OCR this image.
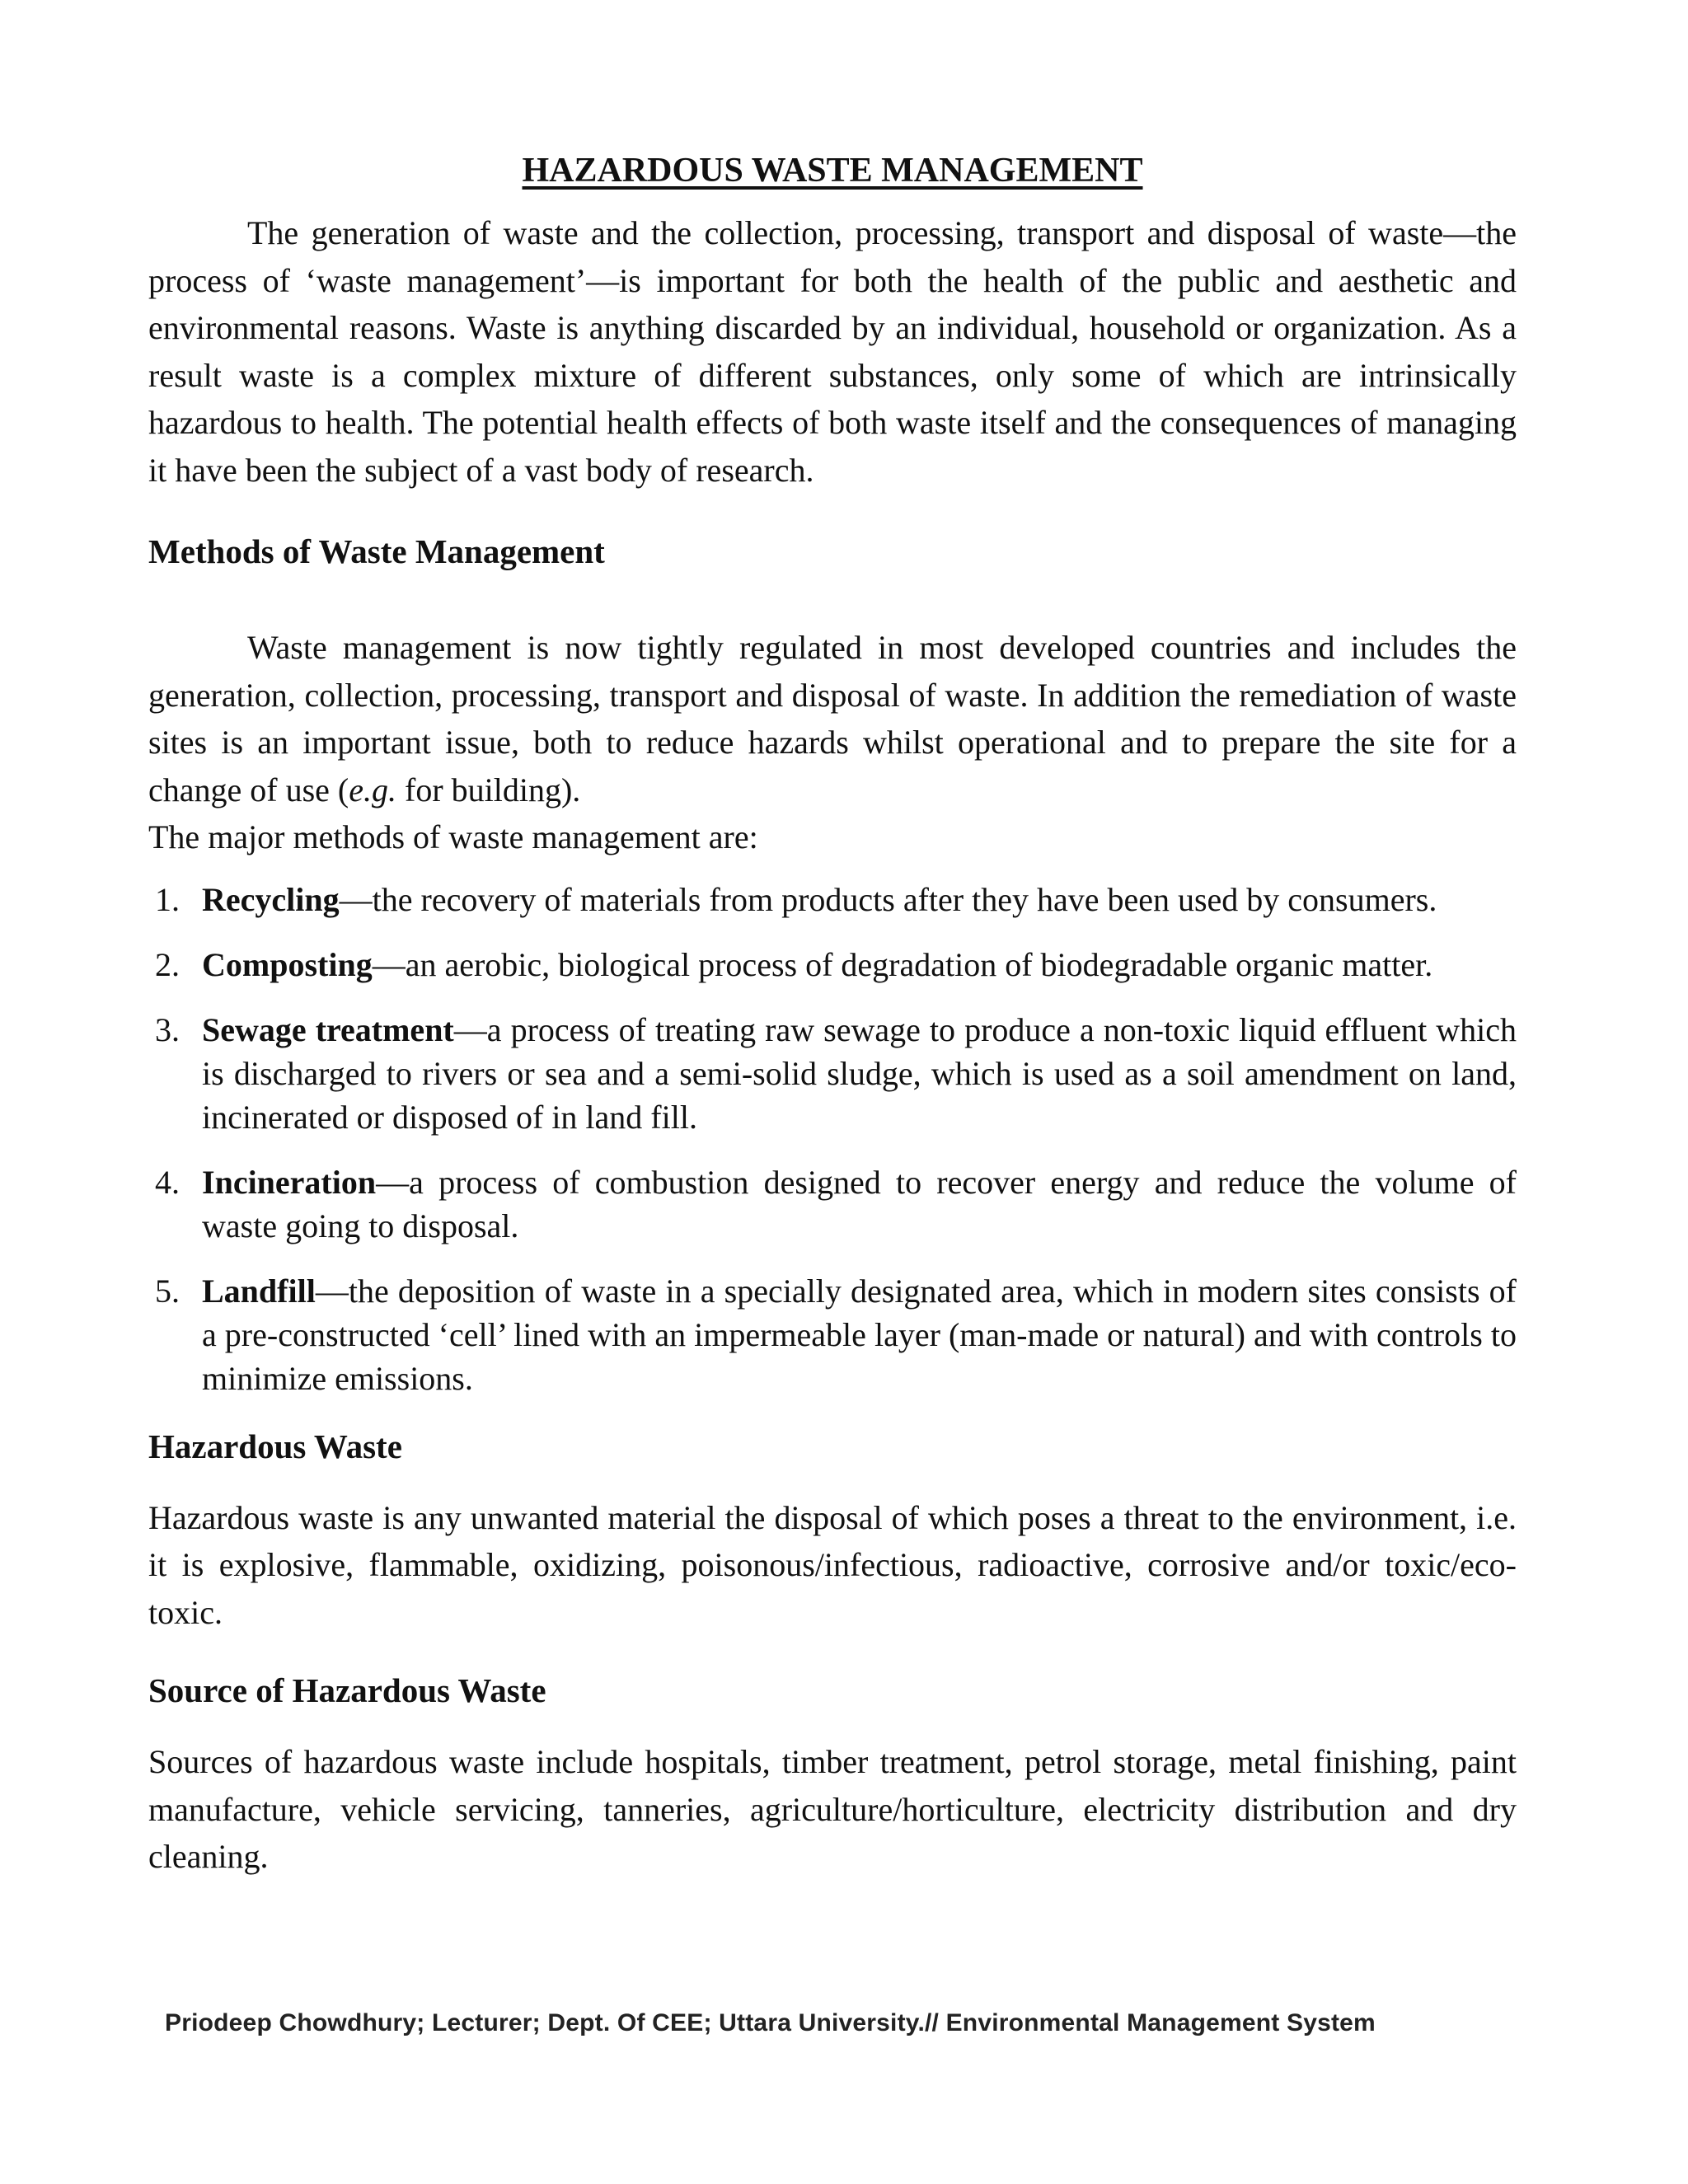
HAZARDOUS WASTE MANAGEMENT

The generation of waste and the collection, processing, transport and disposal of waste—the process of ‘waste management’—is important for both the health of the public and aesthetic and environmental reasons. Waste is anything discarded by an individual, household or organization. As a result waste is a complex mixture of different substances, only some of which are intrinsically hazardous to health. The potential health effects of both waste itself and the consequences of managing it have been the subject of a vast body of research.

Methods of Waste Management

Waste management is now tightly regulated in most developed countries and includes the generation, collection, processing, transport and disposal of waste. In addition the remediation of waste sites is an important issue, both to reduce hazards whilst operational and to prepare the site for a change of use (e.g. for building).

The major methods of waste management are:

1. Recycling—the recovery of materials from products after they have been used by consumers.
2. Composting—an aerobic, biological process of degradation of biodegradable organic matter.
3. Sewage treatment—a process of treating raw sewage to produce a non-toxic liquid effluent which is discharged to rivers or sea and a semi-solid sludge, which is used as a soil amendment on land, incinerated or disposed of in land fill.
4. Incineration—a process of combustion designed to recover energy and reduce the volume of waste going to disposal.
5. Landfill—the deposition of waste in a specially designated area, which in modern sites consists of a pre-constructed ‘cell’ lined with an impermeable layer (man-made or natural) and with controls to minimize emissions.
Hazardous Waste

Hazardous waste is any unwanted material the disposal of which poses a threat to the environment, i.e. it is explosive, flammable, oxidizing, poisonous/infectious, radioactive, corrosive and/or toxic/eco-toxic.

Source of Hazardous Waste

Sources of hazardous waste include hospitals, timber treatment, petrol storage, metal finishing, paint manufacture, vehicle servicing, tanneries, agriculture/horticulture, electricity distribution and dry cleaning.

Priodeep Chowdhury; Lecturer; Dept. Of CEE; Uttara University.// Environmental Management System
